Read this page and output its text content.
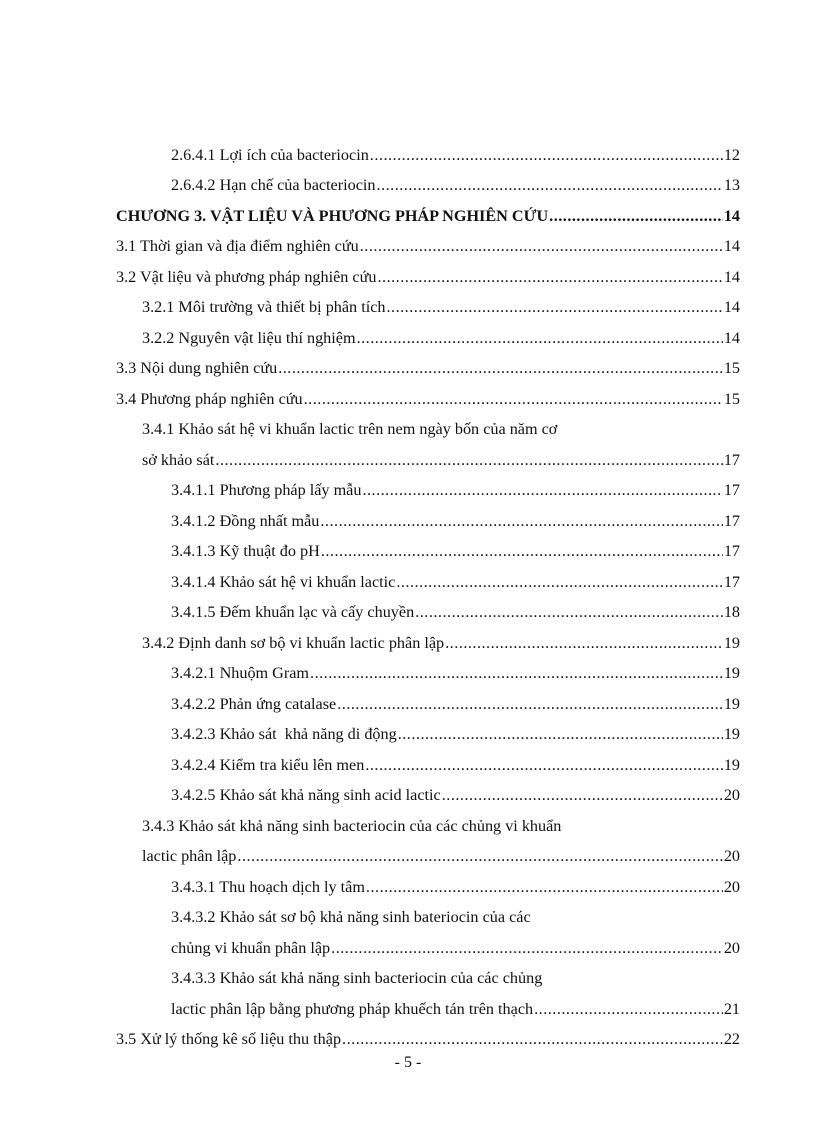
2.6.4.1 Lợi ích của bacteriocin .....	12
2.6.4.2 Hạn chế của bacteriocin .....	13
CHƯƠNG 3. VẬT LIỆU VÀ PHƯƠNG PHÁP NGHIÊN CỨU .....	14
3.1 Thời gian và địa điểm nghiên cứu .....	14
3.2 Vật liệu và phương pháp nghiên cứu .....	14
3.2.1 Môi trường và thiết bị phân tích .....	14
3.2.2 Nguyên vật liệu thí nghiệm .....	14
3.3 Nội dung nghiên cứu .....	15
3.4 Phương pháp nghiên cứu .....	15
3.4.1 Khảo sát hệ vi khuẩn lactic trên nem ngày bốn của năm cơ
sở khảo sát .....	17
3.4.1.1 Phương pháp lấy mẫu .....	17
3.4.1.2 Đồng nhất mẫu .....	17
3.4.1.3 Kỹ thuật đo pH .....	17
3.4.1.4 Khảo sát hệ vi khuẩn lactic .....	17
3.4.1.5 Đếm khuẩn lạc và cấy chuyền .....	18
3.4.2 Định danh sơ bộ vi khuẩn lactic phân lập .....	19
3.4.2.1 Nhuộm Gram .....	19
3.4.2.2 Phản ứng catalase .....	19
3.4.2.3 Khảo sát  khả năng di động .....	19
3.4.2.4 Kiểm tra kiểu lên men .....	19
3.4.2.5 Khảo sát khả năng sinh acid lactic .....	20
3.4.3 Khảo sát khả năng sinh bacteriocin của các chủng vi khuẩn
lactic phân lập .....	20
3.4.3.1 Thu hoạch dịch ly tâm .....	20
3.4.3.2 Khảo sát sơ bộ khả năng sinh bateriocin của các
chủng vi khuẩn phân lập .....	20
3.4.3.3 Khảo sát khả năng sinh bacteriocin của các chủng
lactic phân lập bằng phương pháp khuếch tán trên thạch .....	21
3.5 Xử lý thống kê số liệu thu thập .....	22
- 5 -
